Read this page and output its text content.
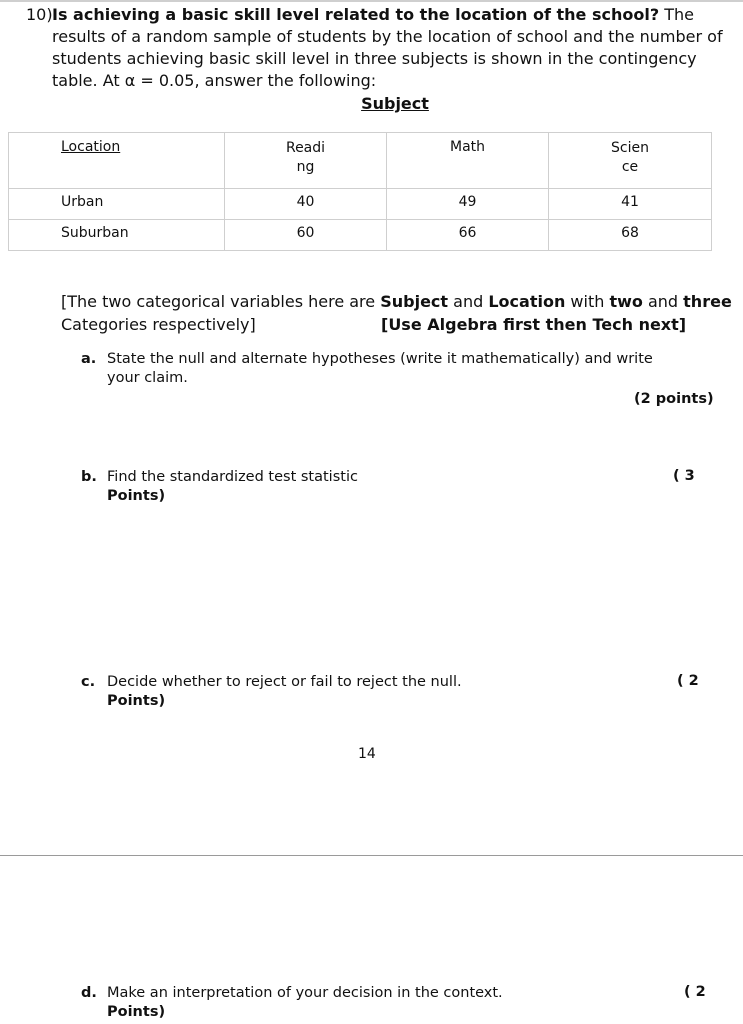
10) Is achieving a basic skill level related to the location of the school? The results of a random sample of students by the location of school and the number of students achieving basic skill level in three subjects is shown in the contingency table. At α = 0.05, answer the following:
Subject
Location	Reading	Math	Science
Urban	40	49	41
Suburban	60	66	68
[The two categorical variables here are Subject and Location with two and three Categories respectively]	[Use Algebra first then Tech next]
a. State the null and alternate hypotheses (write it mathematically) and write your claim.
(2 points)
b. Find the standardized test statistic
Points)
( 3
c. Decide whether to reject or fail to reject the null.
Points)
( 2
14
d. Make an interpretation of your decision in the context.
Points)
( 2
